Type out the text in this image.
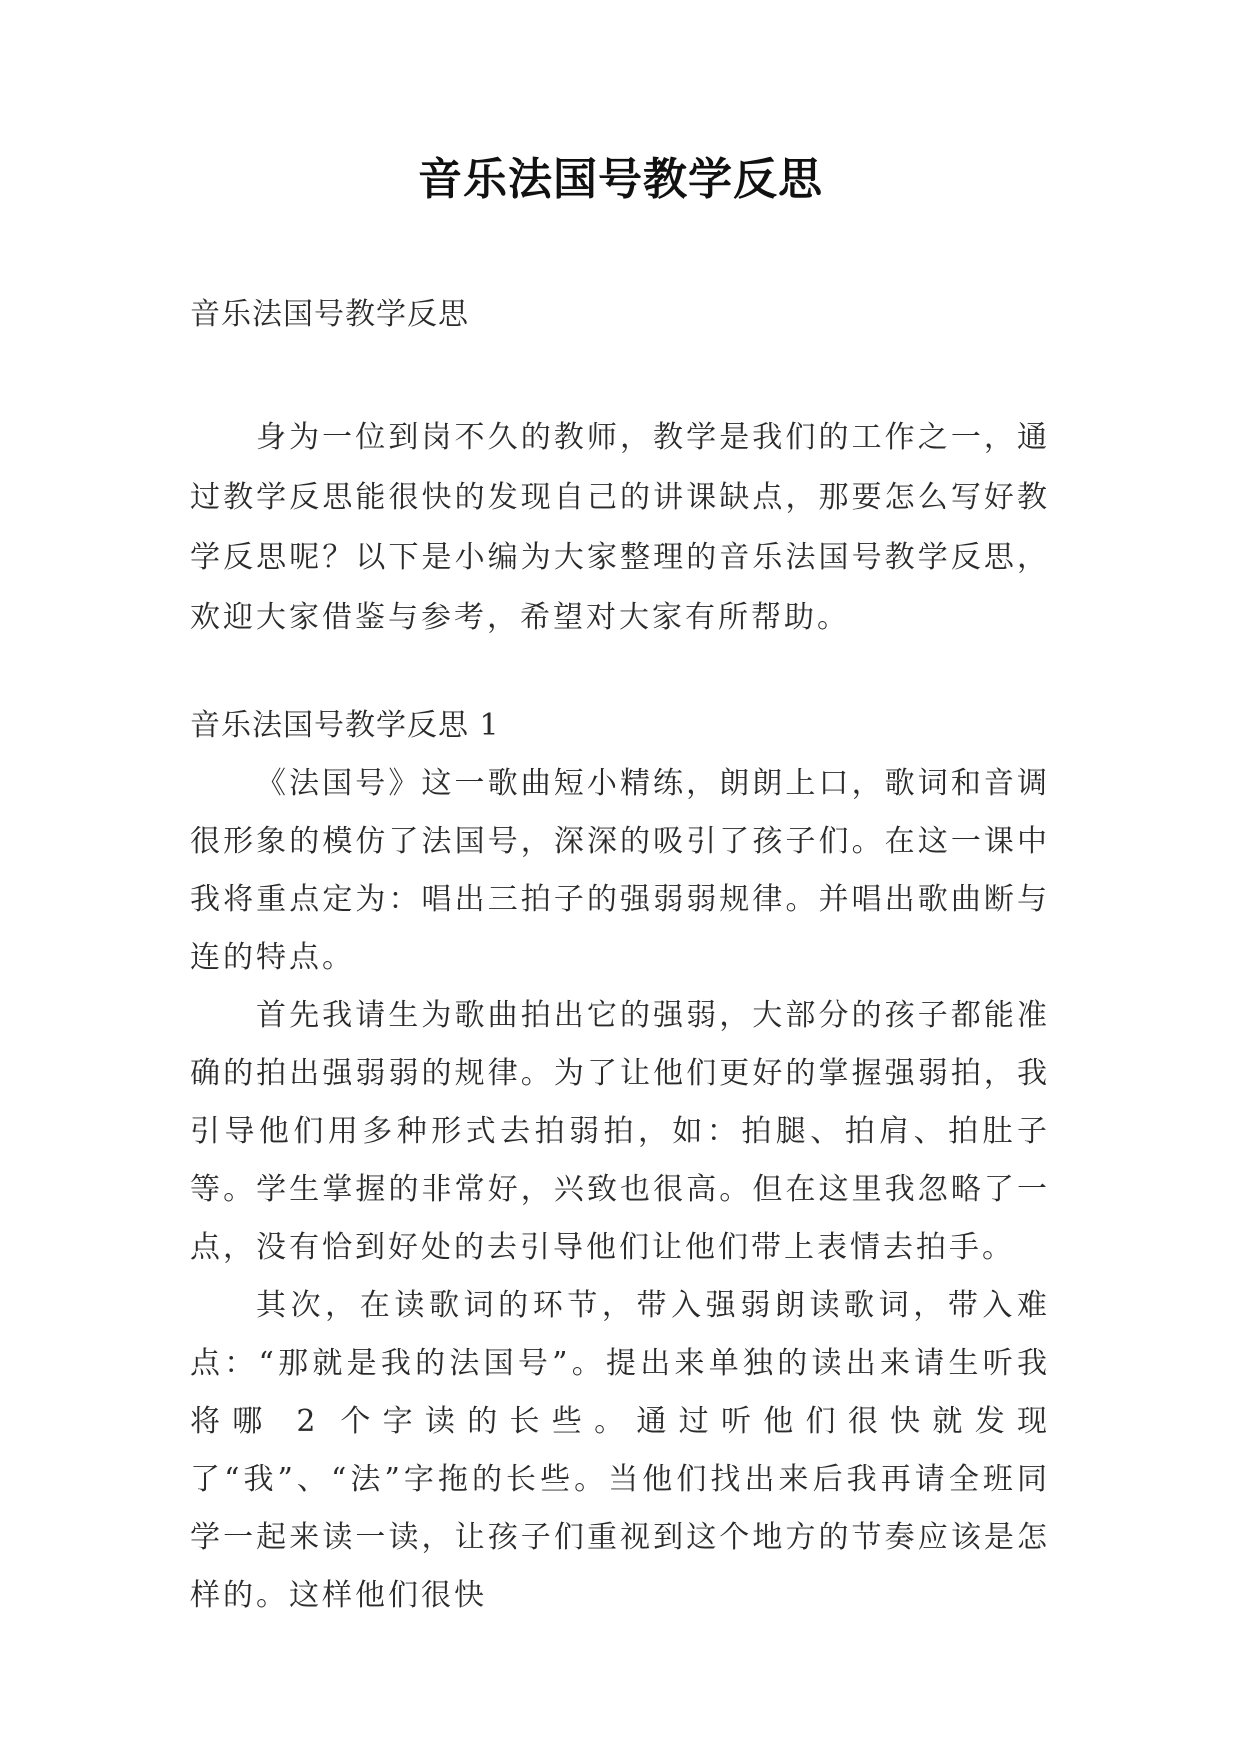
音乐法国号教学反思
音乐法国号教学反思
身为一位到岗不久的教师，教学是我们的工作之一，通过教学反思能很快的发现自己的讲课缺点，那要怎么写好教学反思呢？以下是小编为大家整理的音乐法国号教学反思，欢迎大家借鉴与参考，希望对大家有所帮助。
音乐法国号教学反思 1

《法国号》这一歌曲短小精练，朗朗上口，歌词和音调很形象的模仿了法国号，深深的吸引了孩子们。在这一课中我将重点定为：唱出三拍子的强弱弱规律。并唱出歌曲断与连的特点。

首先我请生为歌曲拍出它的强弱，大部分的孩子都能准确的拍出强弱弱的规律。为了让他们更好的掌握强弱拍，我引导他们用多种形式去拍弱拍，如：拍腿、拍肩、拍肚子等。学生掌握的非常好，兴致也很高。但在这里我忽略了一点，没有恰到好处的去引导他们让他们带上表情去拍手。

其次，在读歌词的环节，带入强弱朗读歌词，带入难点：“那就是我的法国号”。提出来单独的读出来请生听我将哪 2 个字读的长些。通过听他们很快就发现了“我”、“法”字拖的长些。当他们找出来后我再请全班同学一起来读一读，让孩子们重视到这个地方的节奏应该是怎样的。这样他们很快
